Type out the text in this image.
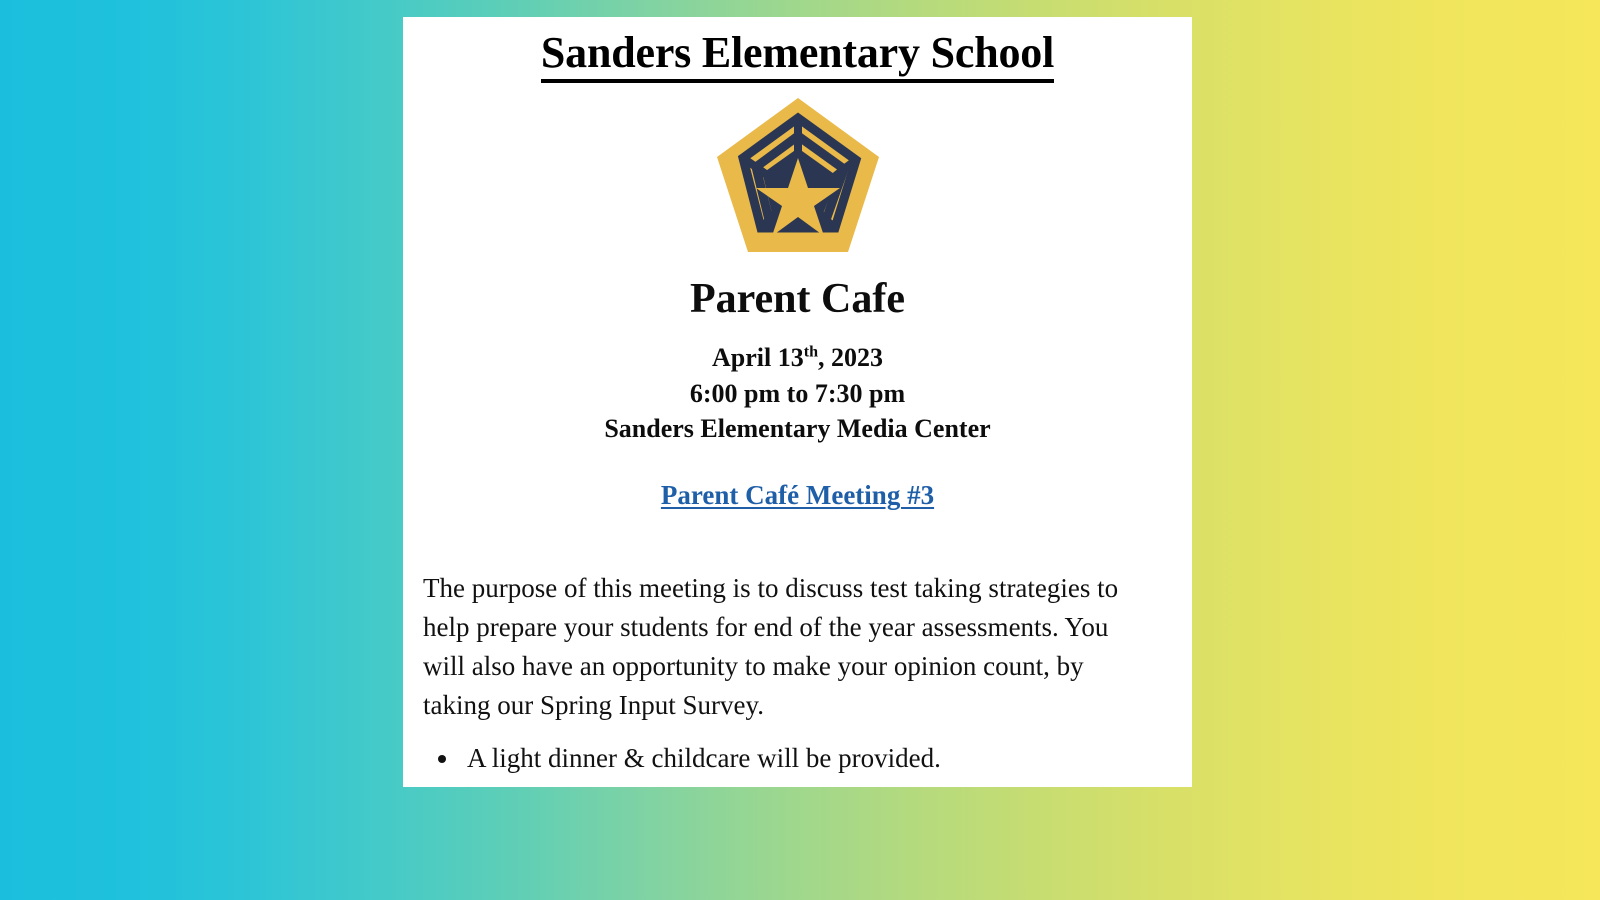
Sanders Elementary School
Parent Cafe
April 13th, 2023
6:00 pm to 7:30 pm
Sanders Elementary Media Center
Parent Café Meeting #3

The purpose of this meeting is to discuss test taking strategies to help prepare your students for end of the year assessments. You will also have an opportunity to make your opinion count, by taking our Spring Input Survey.

• A light dinner & childcare will be provided.
